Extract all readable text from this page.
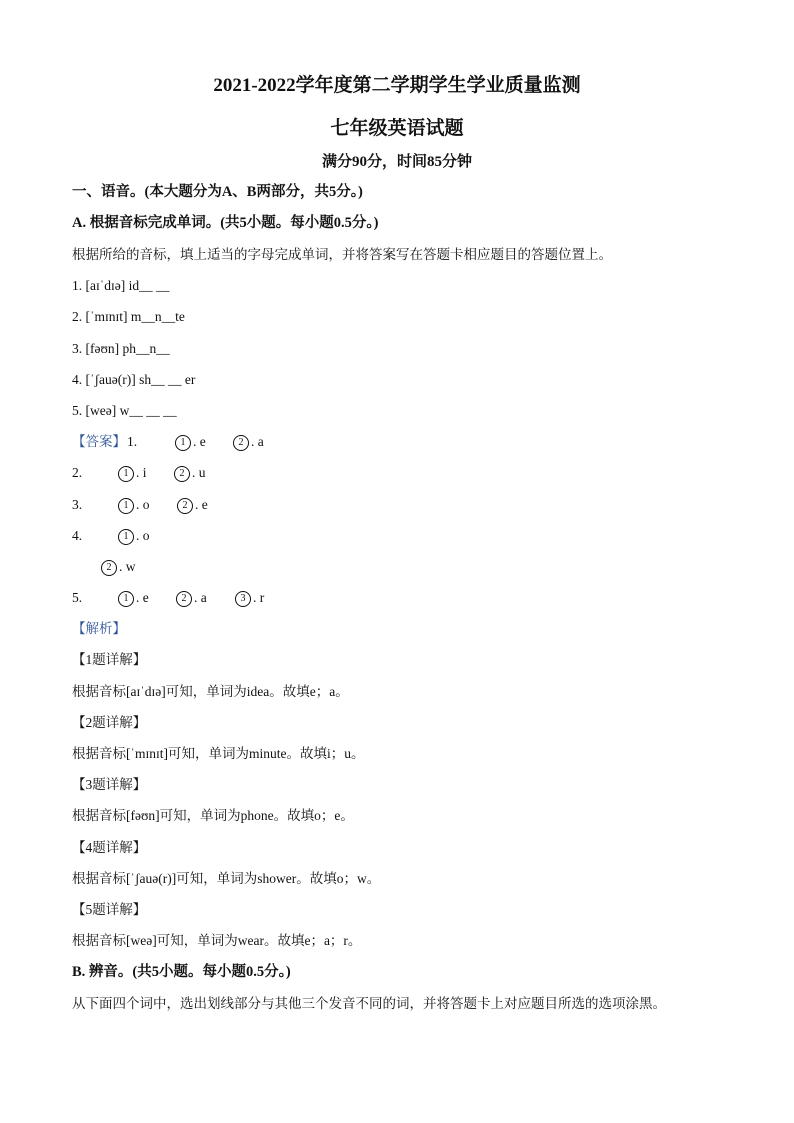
2021-2022学年度第二学期学生学业质量监测
七年级英语试题
满分90分，时间85分钟
一、语音。(本大题分为A、B两部分，共5分。)
A. 根据音标完成单词。(共5小题。每小题0.5分。)
根据所给的音标，填上适当的字母完成单词，并将答案写在答题卡相应题目的答题位置上。
1. [aɪˈdɪə] id__ __
2. [ˈmɪnɪt] m__n__te
3. [fəʊn] ph__n__
4. [ˈʃauə(r)] sh__ __ er
5. [weə] w__ __ __
【答案】 1.	1 . e	2 . a
2.	1 . i	2 . u
3.	1 . o	2 . e
4.	1 . o
2 . w
5.	1 . e	2 . a	3 . r
【解析】
【1题详解】
根据音标[aɪˈdɪə]可知，单词为idea。故填e；a。
【2题详解】
根据音标[ˈmɪnɪt]可知，单词为minute。故填i；u。
【3题详解】
根据音标[fəʊn]可知，单词为phone。故填o；e。
【4题详解】
根据音标[ˈʃauə(r)]可知，单词为shower。故填o；w。
【5题详解】
根据音标[weə]可知，单词为wear。故填e；a；r。
B. 辨音。(共5小题。每小题0.5分。)
从下面四个词中，选出划线部分与其他三个发音不同的词，并将答题卡上对应题目所选的选项涂黑。
